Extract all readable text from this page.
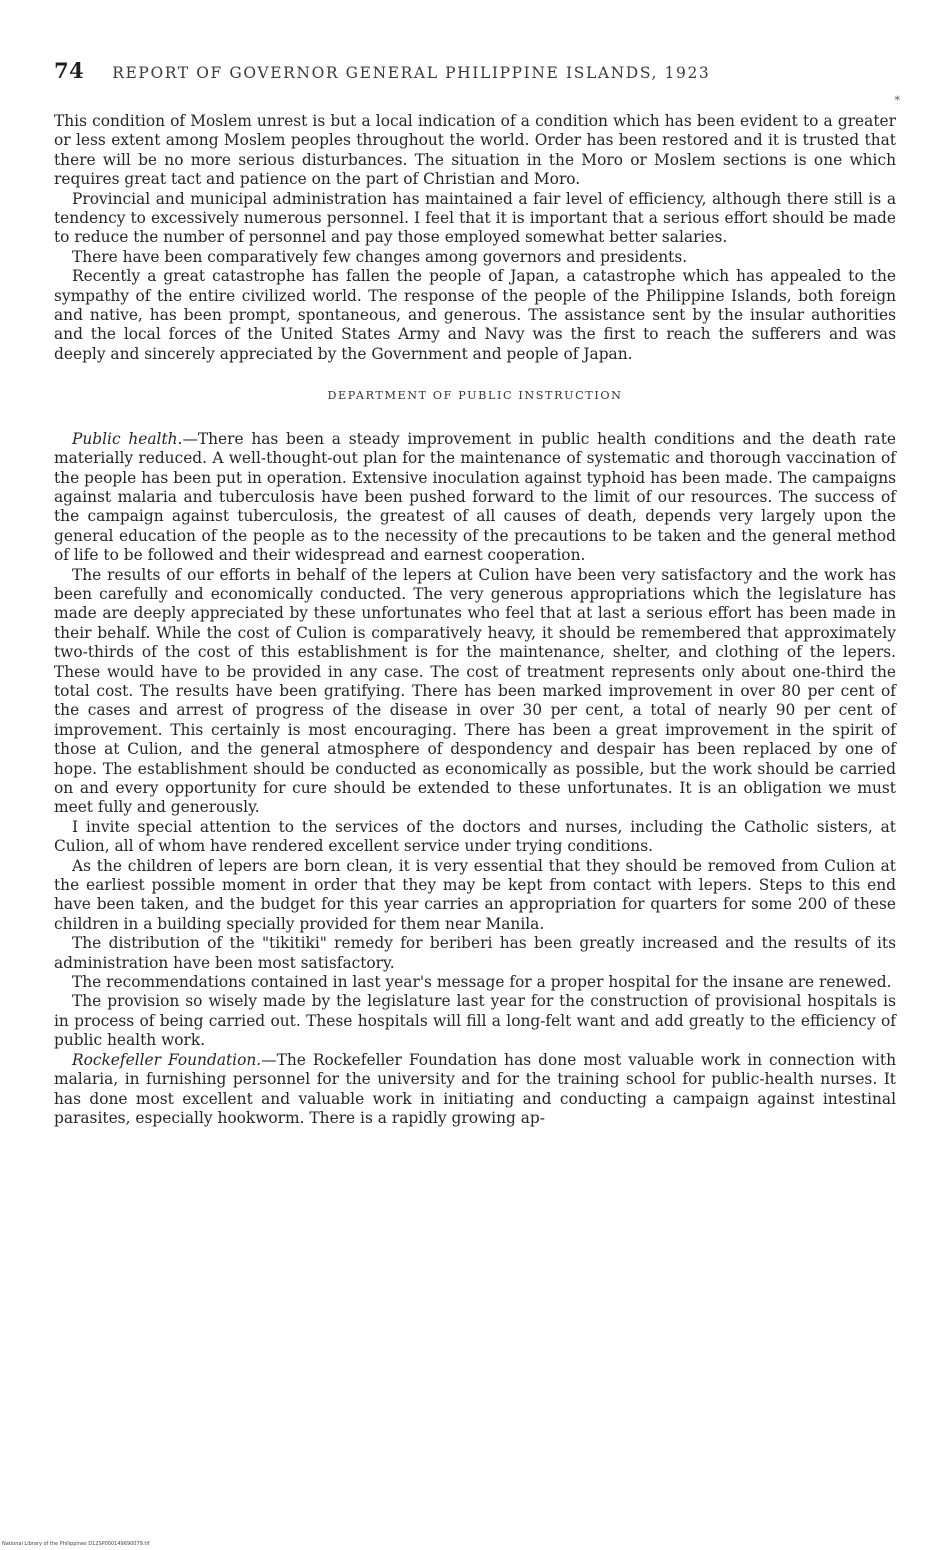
74 REPORT OF GOVERNOR GENERAL PHILIPPINE ISLANDS, 1923
*

This condition of Moslem unrest is but a local indication of a condition which has been evident to a greater or less extent among Moslem peoples throughout the world. Order has been restored and it is trusted that there will be no more serious disturbances. The situation in the Moro or Moslem sections is one which requires great tact and patience on the part of Christian and Moro.

Provincial and municipal administration has maintained a fair level of efficiency, although there still is a tendency to excessively numerous personnel. I feel that it is important that a serious effort should be made to reduce the number of personnel and pay those employed somewhat better salaries.

There have been comparatively few changes among governors and presidents.

Recently a great catastrophe has fallen the people of Japan, a catastrophe which has appealed to the sympathy of the entire civilized world. The response of the people of the Philippine Islands, both foreign and native, has been prompt, spontaneous, and generous. The assistance sent by the insular authorities and the local forces of the United States Army and Navy was the first to reach the sufferers and was deeply and sincerely appreciated by the Government and people of Japan.

DEPARTMENT OF PUBLIC INSTRUCTION

Public health.—There has been a steady improvement in public health conditions and the death rate materially reduced. A well-thought-out plan for the maintenance of systematic and thorough vaccination of the people has been put in operation. Extensive inoculation against typhoid has been made. The campaigns against malaria and tuberculosis have been pushed forward to the limit of our resources. The success of the campaign against tuberculosis, the greatest of all causes of death, depends very largely upon the general education of the people as to the necessity of the precautions to be taken and the general method of life to be followed and their widespread and earnest cooperation.

The results of our efforts in behalf of the lepers at Culion have been very satisfactory and the work has been carefully and economically conducted. The very generous appropriations which the legislature has made are deeply appreciated by these unfortunates who feel that at last a serious effort has been made in their behalf. While the cost of Culion is comparatively heavy, it should be remembered that approximately two-thirds of the cost of this establishment is for the maintenance, shelter, and clothing of the lepers. These would have to be provided in any case. The cost of treatment represents only about one-third the total cost. The results have been gratifying. There has been marked improvement in over 80 per cent of the cases and arrest of progress of the disease in over 30 per cent, a total of nearly 90 per cent of improvement. This certainly is most encouraging. There has been a great improvement in the spirit of those at Culion, and the general atmosphere of despondency and despair has been replaced by one of hope. The establishment should be conducted as economically as possible, but the work should be carried on and every opportunity for cure should be extended to these unfortunates. It is an obligation we must meet fully and generously.

I invite special attention to the services of the doctors and nurses, including the Catholic sisters, at Culion, all of whom have rendered excellent service under trying conditions.

As the children of lepers are born clean, it is very essential that they should be removed from Culion at the earliest possible moment in order that they may be kept from contact with lepers. Steps to this end have been taken, and the budget for this year carries an appropriation for quarters for some 200 of these children in a building specially provided for them near Manila.

The distribution of the "tikitiki" remedy for beriberi has been greatly increased and the results of its administration have been most satisfactory.

The recommendations contained in last year's message for a proper hospital for the insane are renewed.

The provision so wisely made by the legislature last year for the construction of provisional hospitals is in process of being carried out. These hospitals will fill a long-felt want and add greatly to the efficiency of public health work.

Rockefeller Foundation.—The Rockefeller Foundation has done most valuable work in connection with malaria, in furnishing personnel for the university and for the training school for public-health nurses. It has done most excellent and valuable work in initiating and conducting a campaign against intestinal parasites, especially hookworm. There is a rapidly growing ap-

National Library of the Philippines D12SP000149690079.tif
